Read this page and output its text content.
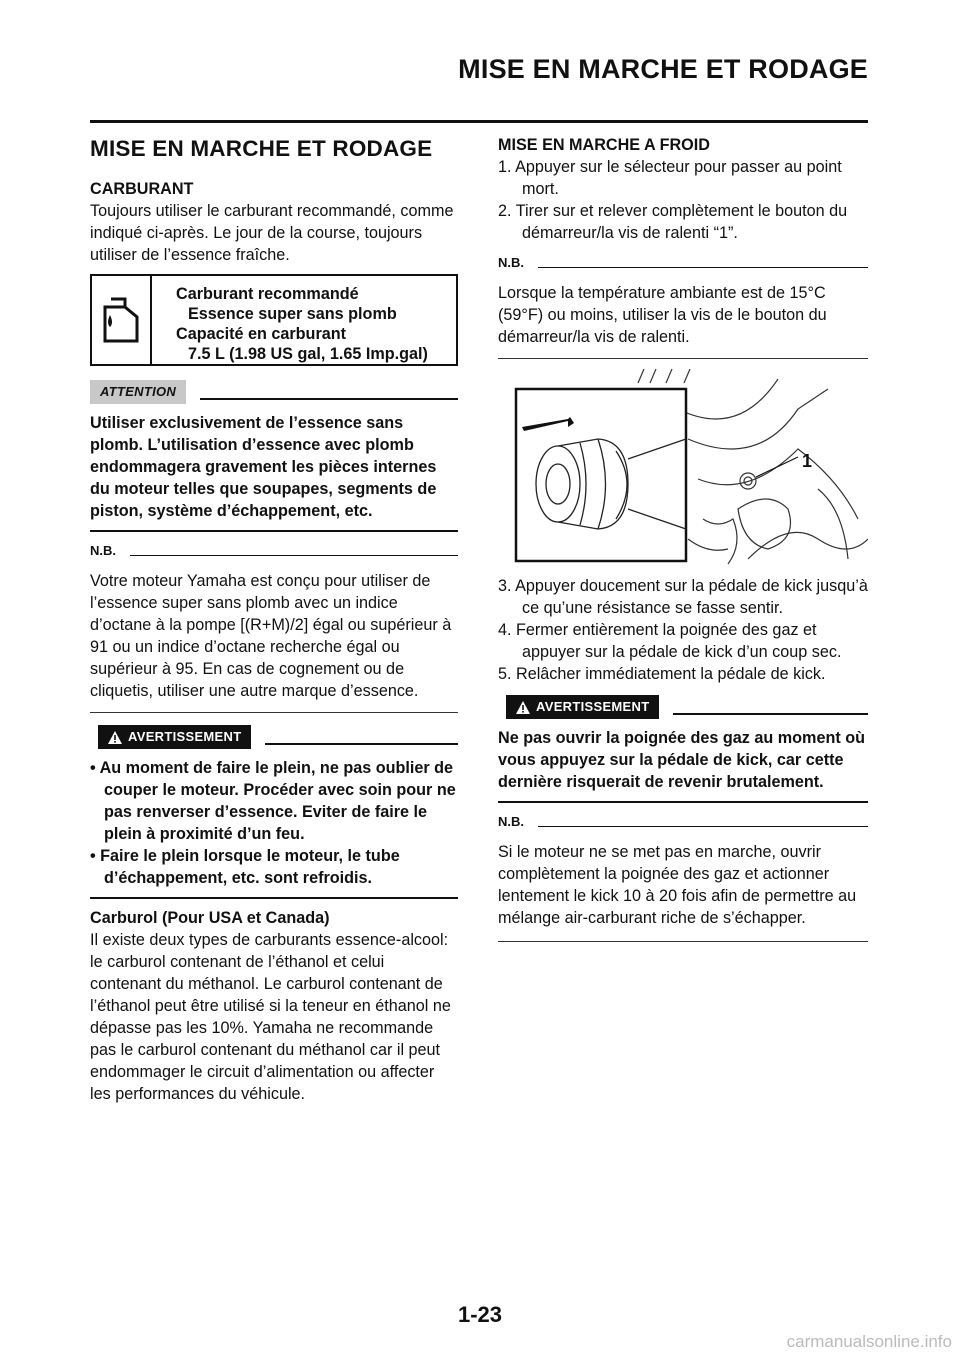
MISE EN MARCHE ET RODAGE
MISE EN MARCHE ET RODAGE

CARBURANT

Toujours utiliser le carburant recommandé, comme indiqué ci-après. Le jour de la course, toujours utiliser de l’essence fraîche.

Carburant recommandé
Essence super sans plomb
Capacité en carburant
7.5 L (1.98 US gal, 1.65 Imp.gal)
ATTENTION

Utiliser exclusivement de l’essence sans plomb. L’utilisation d’essence avec plomb endommagera gravement les pièces internes du moteur telles que soupapes, segments de piston, système d’échappement, etc.

N.B.

Votre moteur Yamaha est conçu pour utiliser de l’essence super sans plomb avec un indice d’octane à la pompe [(R+M)/2] égal ou supérieur à 91 ou un indice d’octane recherche égal ou supérieur à 95. En cas de cognement ou de cliquetis, utiliser une autre marque d’essence.

AVERTISSEMENT

• Au moment de faire le plein, ne pas oublier de couper le moteur. Procéder avec soin pour ne pas renverser d’essence. Eviter de faire le plein à proximité d’un feu.

• Faire le plein lorsque le moteur, le tube d’échappement, etc. sont refroidis.

Carburol (Pour USA et Canada)

Il existe deux types de carburants essence-alcool: le carburol contenant de l’éthanol et celui contenant du méthanol. Le carburol contenant de l’éthanol peut être utilisé si la teneur en éthanol ne dépasse pas les 10%. Yamaha ne recommande pas le carburol contenant du méthanol car il peut endommager le circuit d’alimentation ou affecter les performances du véhicule.

MISE EN MARCHE A FROID

1. Appuyer sur le sélecteur pour passer au point mort.

2. Tirer sur et relever complètement le bouton du démarreur/la vis de ralenti “1”.

N.B.

Lorsque la température ambiante est de 15°C (59°F) ou moins, utiliser la vis de le bouton du démarreur/la vis de ralenti.

1

3. Appuyer doucement sur la pédale de kick jusqu’à ce qu’une résistance se fasse sentir.

4. Fermer entièrement la poignée des gaz et appuyer sur la pédale de kick d’un coup sec.

5. Relâcher immédiatement la pédale de kick.

AVERTISSEMENT

Ne pas ouvrir la poignée des gaz au moment où vous appuyez sur la pédale de kick, car cette dernière risquerait de revenir brutalement.

N.B.

Si le moteur ne se met pas en marche, ouvrir complètement la poignée des gaz et actionner lentement le kick 10 à 20 fois afin de permettre au mélange air-carburant riche de s’échapper.

1-23
carmanualsonline.info
